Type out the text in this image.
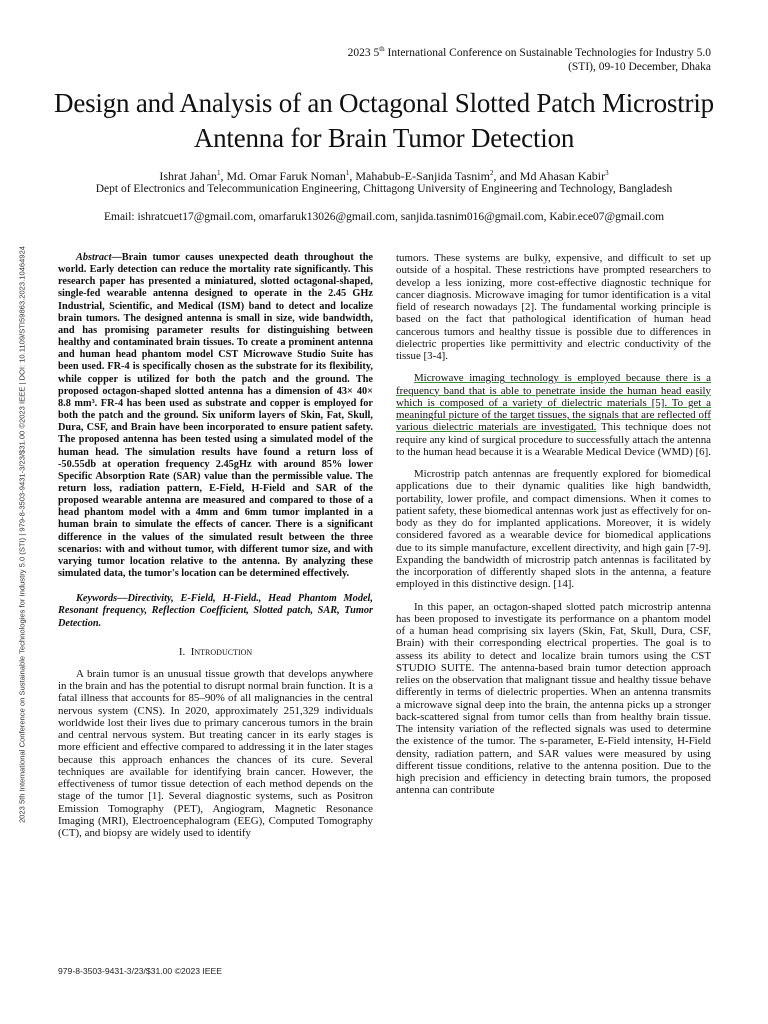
2023 5th International Conference on Sustainable Technologies for Industry 5.0 (STI), 09-10 December, Dhaka
Design and Analysis of an Octagonal Slotted Patch Microstrip Antenna for Brain Tumor Detection
Ishrat Jahan$^1$, Md. Omar Faruk Noman$^1$, Mahabub-E-Sanjida Tasnim$^2$, and Md Ahasan Kabir$^3$
Dept of Electronics and Telecommunication Engineering, Chittagong University of Engineering and Technology, Bangladesh
Email: ishratcuet17@gmail.com, omarfaruk13026@gmail.com, sanjida.tasnim016@gmail.com, Kabir.ece07@gmail.com
2023 5th International Conference on Sustainable Technologies for Industry 5.0 (STI) | 979-8-3503-9431-3/23/$31.00 ©2023 IEEE | DOI: 10.1109/STI59863.2023.10464924	Abstract—Brain tumor causes unexpected death throughout the world. Early detection can reduce the mortality rate significantly. This research paper has presented a miniatured, slotted octagonal-shaped, single-fed wearable antenna designed to operate in the 2.45 GHz Industrial, Scientific, and Medical (ISM) band to detect and localize brain tumors. The designed antenna is small in size, wide bandwidth, and has promising parameter results for distinguishing between healthy and contaminated brain tissues. To create a prominent antenna and human head phantom model CST Microwave Studio Suite has been used. FR-4 is specifically chosen as the substrate for its flexibility, while copper is utilized for both the patch and the ground. The proposed octagon-shaped slotted antenna has a dimension of 43× 40× 8.8 mm³. FR-4 has been used as substrate and copper is employed for both the patch and the ground. Six uniform layers of Skin, Fat, Skull, Dura, CSF, and Brain have been incorporated to ensure patient safety. The proposed antenna has been tested using a simulated model of the human head. The simulation results have found a return loss of -50.55db at operation frequency 2.45gHz with around 85% lower Specific Absorption Rate (SAR) value than the permissible value. The return loss, radiation pattern, E-Field, H-Field and SAR of the proposed wearable antenna are measured and compared to those of a head phantom model with a 4mm and 6mm tumor implanted in a human brain to simulate the effects of cancer. There is a significant difference in the values of the simulated result between the three scenarios: with and without tumor, with different tumor size, and with varying tumor location relative to the antenna. By analyzing these simulated data, the tumor's location can be determined effectively.

Keywords—Directivity, E-Field, H-Field., Head Phantom Model, Resonant frequency, Reflection Coefficient, Slotted patch, SAR, Tumor Detection.

I. Introduction

A brain tumor is an unusual tissue growth that develops anywhere in the brain and has the potential to disrupt normal brain function. It is a fatal illness that accounts for 85–90% of all malignancies in the central nervous system (CNS). In 2020, approximately 251,329 individuals worldwide lost their lives due to primary cancerous tumors in the brain and central nervous system. But treating cancer in its early stages is more efficient and effective compared to addressing it in the later stages because this approach enhances the chances of its cure. Several techniques are available for identifying brain cancer. However, the effectiveness of tumor tissue detection of each method depends on the stage of the tumor [1]. Several diagnostic systems, such as Positron Emission Tomography (PET), Angiogram, Magnetic Resonance Imaging (MRI), Electroencephalogram (EEG), Computed Tomography (CT), and biopsy are widely used to identify

tumors. These systems are bulky, expensive, and difficult to set up outside of a hospital. These restrictions have prompted researchers to develop a less ionizing, more cost-effective diagnostic technique for cancer diagnosis. Microwave imaging for tumor identification is a vital field of research nowadays [2]. The fundamental working principle is based on the fact that pathological identification of human head cancerous tumors and healthy tissue is possible due to differences in dielectric properties like permittivity and electric conductivity of the tissue [3-4].

Microwave imaging technology is employed because there is a frequency band that is able to penetrate inside the human head easily which is composed of a variety of dielectric materials [5]. To get a meaningful picture of the target tissues, the signals that are reflected off various dielectric materials are investigated. This technique does not require any kind of surgical procedure to successfully attach the antenna to the human head because it is a Wearable Medical Device (WMD) [6].

Microstrip patch antennas are frequently explored for biomedical applications due to their dynamic qualities like high bandwidth, portability, lower profile, and compact dimensions. When it comes to patient safety, these biomedical antennas work just as effectively for on-body as they do for implanted applications. Moreover, it is widely considered favored as a wearable device for biomedical applications due to its simple manufacture, excellent directivity, and high gain [7-9]. Expanding the bandwidth of microstrip patch antennas is facilitated by the incorporation of differently shaped slots in the antenna, a feature employed in this distinctive design. [14].

In this paper, an octagon-shaped slotted patch microstrip antenna has been proposed to investigate its performance on a phantom model of a human head comprising six layers (Skin, Fat, Skull, Dura, CSF, Brain) with their corresponding electrical properties. The goal is to assess its ability to detect and localize brain tumors using the CST STUDIO SUITE. The antenna-based brain tumor detection approach relies on the observation that malignant tissue and healthy tissue behave differently in terms of dielectric properties. When an antenna transmits a microwave signal deep into the brain, the antenna picks up a stronger back-scattered signal from tumor cells than from healthy brain tissue. The intensity variation of the reflected signals was used to determine the existence of the tumor. The s-parameter, E-Field intensity, H-Field density, radiation pattern, and SAR values were measured by using different tissue conditions, relative to the antenna position. Due to the high precision and efficiency in detecting brain tumors, the proposed antenna can contribute

979-8-3503-9431-3/23/$31.00 ©2023 IEEE
